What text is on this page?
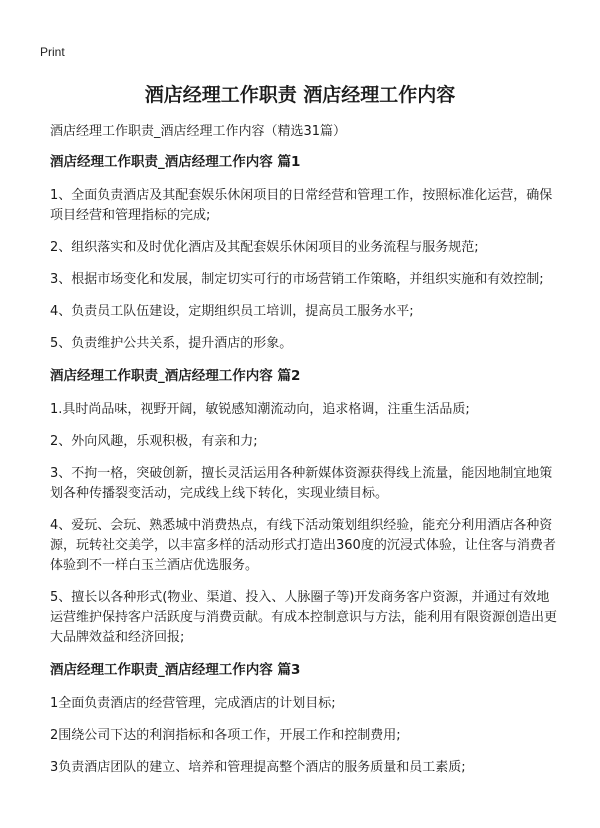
Print
酒店经理工作职责 酒店经理工作内容
酒店经理工作职责_酒店经理工作内容（精选31篇）
酒店经理工作职责_酒店经理工作内容 篇1

1、全面负责酒店及其配套娱乐休闲项目的日常经营和管理工作，按照标准化运营，确保项目经营和管理指标的完成;

2、组织落实和及时优化酒店及其配套娱乐休闲项目的业务流程与服务规范;

3、根据市场变化和发展，制定切实可行的市场营销工作策略，并组织实施和有效控制;

4、负责员工队伍建设，定期组织员工培训，提高员工服务水平;

5、负责维护公共关系，提升酒店的形象。

酒店经理工作职责_酒店经理工作内容 篇2

1.具时尚品味，视野开阔，敏锐感知潮流动向，追求格调，注重生活品质;

2、外向风趣，乐观积极，有亲和力;

3、不拘一格，突破创新，擅长灵活运用各种新媒体资源获得线上流量，能因地制宜地策划各种传播裂变活动，完成线上线下转化，实现业绩目标。

4、爱玩、会玩、熟悉城中消费热点，有线下活动策划组织经验，能充分利用酒店各种资源，玩转社交美学，以丰富多样的活动形式打造出360度的沉浸式体验，让住客与消费者体验到不一样白玉兰酒店优选服务。

5、擅长以各种形式(物业、渠道、投入、人脉圈子等)开发商务客户资源，并通过有效地运营维护保持客户活跃度与消费贡献。有成本控制意识与方法，能利用有限资源创造出更大品牌效益和经济回报;

酒店经理工作职责_酒店经理工作内容 篇3

1全面负责酒店的经营管理，完成酒店的计划目标;

2围绕公司下达的利润指标和各项工作，开展工作和控制费用;

3负责酒店团队的建立、培养和管理提高整个酒店的服务质量和员工素质;
